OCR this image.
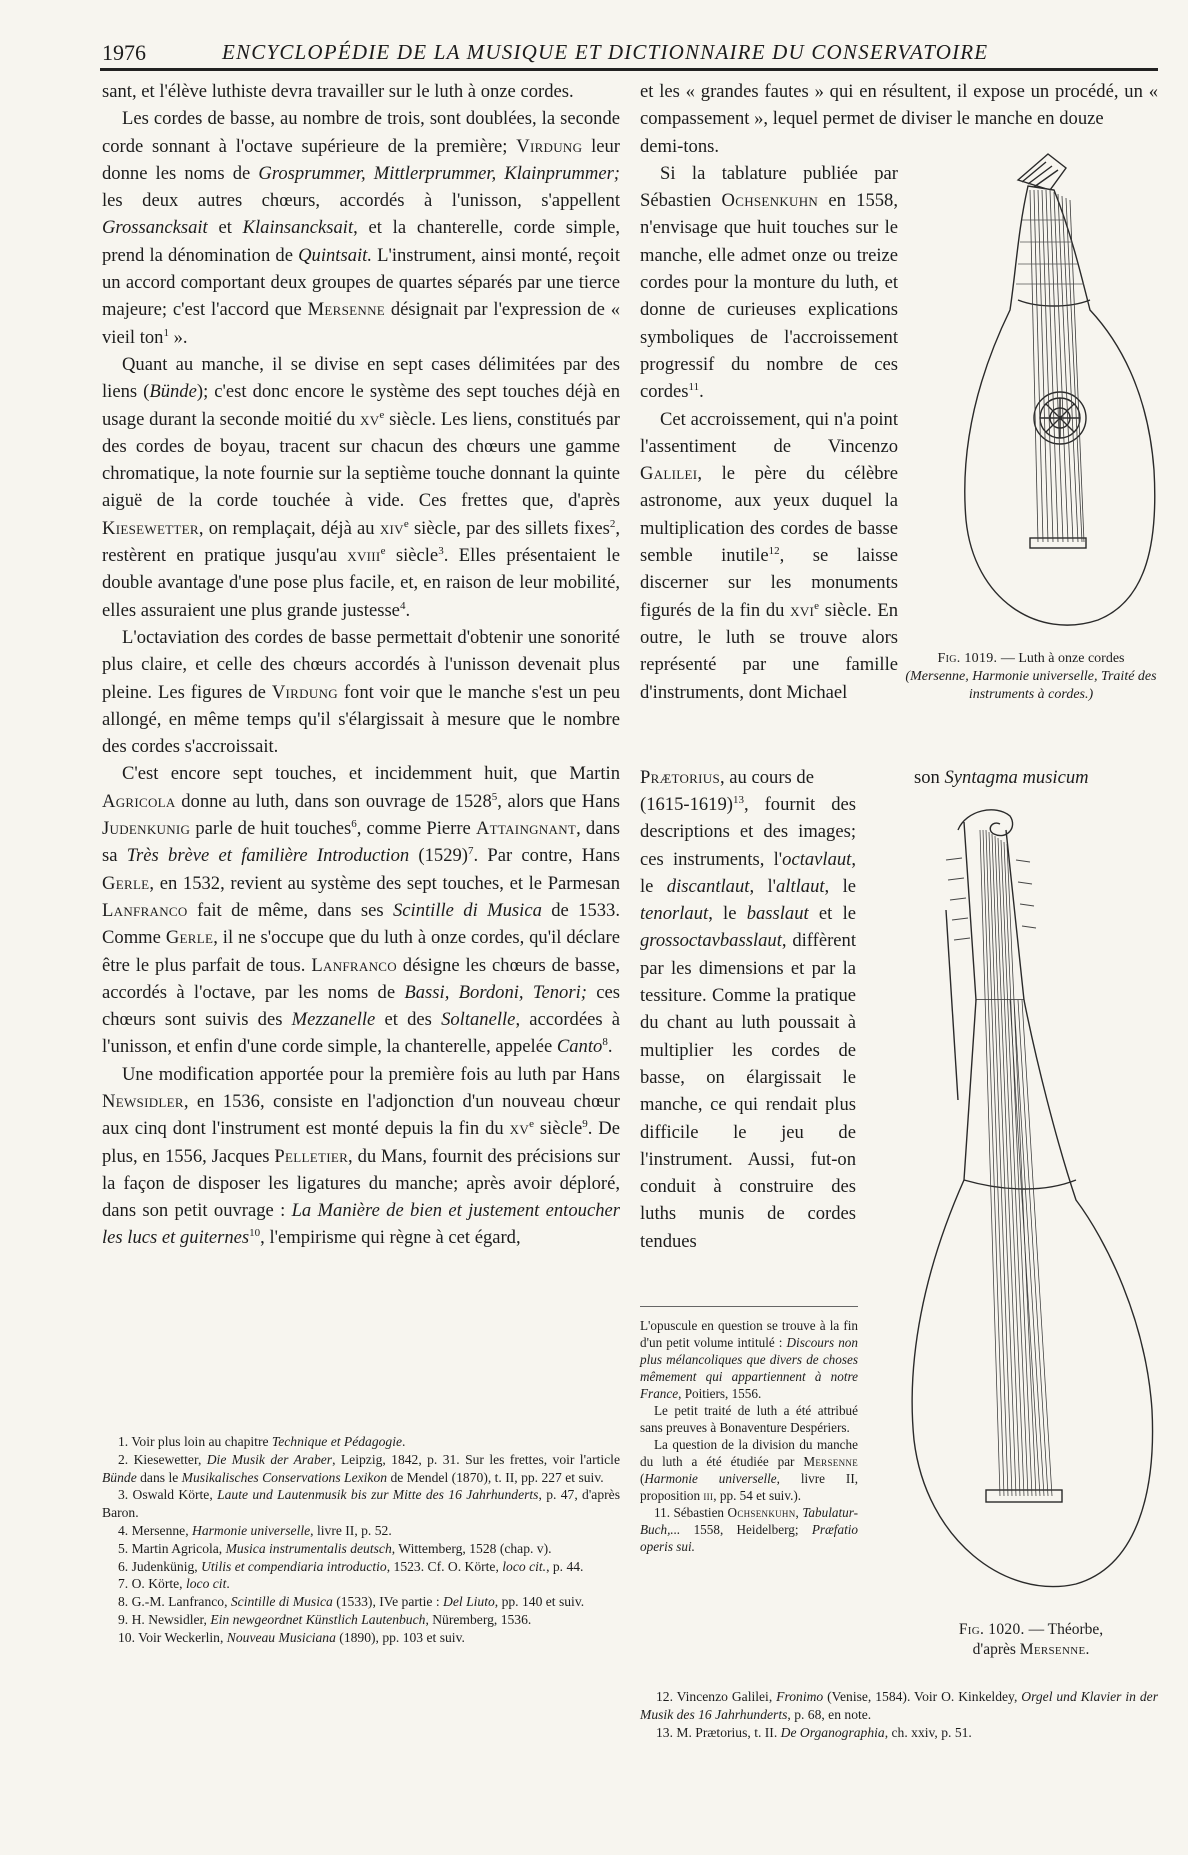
1976	ENCYCLOPÉDIE DE LA MUSIQUE ET DICTIONNAIRE DU CONSERVATOIRE

sant, et l'élève luthiste devra travailler sur le luth à onze cordes.

Les cordes de basse, au nombre de trois, sont doublées, la seconde corde sonnant à l'octave supérieure de la première; Virdung leur donne les noms de Grosprummer, Mittlerprummer, Klainprummer; les deux autres chœurs, accordés à l'unisson, s'appellent Grossancksait et Klainsancksait, et la chanterelle, corde simple, prend la dénomination de Quintsait. L'instrument, ainsi monté, reçoit un accord comportant deux groupes de quartes séparés par une tierce majeure; c'est l'accord que Mersenne désignait par l'expression de « vieil ton$^1$ ».

Quant au manche, il se divise en sept cases délimitées par des liens (Bünde); c'est donc encore le système des sept touches déjà en usage durant la seconde moitié du $xv^e$ siècle. Les liens, constitués par des cordes de boyau, tracent sur chacun des chœurs une gamme chromatique, la note fournie sur la septième touche donnant la quinte aiguë de la corde touchée à vide. Ces frettes que, d'après Kiesewetter, on remplaçait, déjà au xiv$^e$ siècle, par des sillets fixes$^2$, restèrent en pratique jusqu'au xviii$^e$ siècle$^3$. Elles présentaient le double avantage d'une pose plus facile, et, en raison de leur mobilité, elles assuraient une plus grande justesse$^4$.

L'octaviation des cordes de basse permettait d'obtenir une sonorité plus claire, et celle des chœurs accordés à l'unisson devenait plus pleine. Les figures de Virdung font voir que le manche s'est un peu allongé, en même temps qu'il s'élargissait à mesure que le nombre des cordes s'accroissait.

C'est encore sept touches, et incidemment huit, que Martin Agricola donne au luth, dans son ouvrage de 1528$^5$, alors que Hans Judenkunig parle de huit touches$^6$, comme Pierre Attaingnant, dans sa Très brève et familière Introduction $(1529)^7$. Par contre, Hans Gerle, en 1532, revient au système des sept touches, et le Parmesan Lanfranco fait de même, dans ses Scintille di Musica de 1533. Comme Gerle, il ne s'occupe que du luth à onze cordes, qu'il déclare être le plus parfait de tous. Lanfranco désigne les chœurs de basse, accordés à l'octave, par les noms de Bassi, Bordoni, Tenori; ces chœurs sont suivis des Mezzanelle et des Soltanelle, accordées à l'unisson, et enfin d'une corde simple, la chanterelle, appelée Canto$^8$.

Une modification apportée pour la première fois au luth par Hans Newsidler, en 1536, consiste en l'adjonction d'un nouveau chœur aux cinq dont l'instrument est monté depuis la fin du $xv^e$ siècle$^9$. De plus, en 1556, Jacques Pelletier, du Mans, fournit des précisions sur la façon de disposer les ligatures du manche; après avoir déploré, dans son petit ouvrage : La Manière de bien et justement entoucher les lucs et guiternes$^{10}$, l'empirisme qui règne à cet égard,

et les « grandes fautes » qui en résultent, il expose un procédé, un « compassement », lequel permet de diviser le manche en douze

demi-tons.

Si la tablature publiée par Sébastien Ochsenkuhn en 1558, n'envisage que huit touches sur le manche, elle admet onze ou treize cordes pour la monture du luth, et donne de curieuses explications symboliques de l'accroissement progressif du nombre de ces cordes$^{11}$.

Cet accroissement, qui n'a point l'assentiment de Vincenzo Galilei, le père du célèbre astronome, aux yeux duquel la multiplication des cordes de basse semble inutile$^{12}$, se laisse discerner sur les monuments figurés de la fin du xvi$^e$ siècle. En outre, le luth se trouve alors représenté par une famille d'instruments, dont Michael

Prætorius, au cours de	son Syntagma musicum

(1615-1619)$^{13}$, fournit des descriptions et des images; ces instruments, l'octavlaut, le discantlaut, l'altlaut, le tenorlaut, le basslaut et le grossoctavbasslaut, diffèrent par les dimensions et par la tessiture. Comme la pratique du chant au luth poussait à multiplier les cordes de basse, on élargissait le manche, ce qui rendait plus difficile le jeu de l'instrument. Aussi, fut-on conduit à construire des luths munis de cordes tendues

Fig. 1019. — Luth à onze cordes
(Mersenne, Harmonie universelle, Traité des instruments à cordes.)
Fig. 1020. — Théorbe,
d'après Mersenne.
L'opuscule en question se trouve à la fin d'un petit volume intitulé : Discours non plus mélancoliques que divers de choses mêmement qui appartiennent à notre France, Poitiers, 1556.
Le petit traité de luth a été attribué sans preuves à Bonaventure Despériers.
La question de la division du manche du luth a été étudiée par Mersenne (Harmonie universelle, livre II, proposition iii, pp. 54 et suiv.).
11. Sébastien Ochsenkuhn, Tabulatur-Buch,... 1558, Heidelberg; Præfatio operis sui.
1. Voir plus loin au chapitre Technique et Pédagogie.
2. Kiesewetter, Die Musik der Araber, Leipzig, 1842, p. 31. Sur les frettes, voir l'article Bünde dans le Musikalisches Conservations Lexikon de Mendel (1870), t. II, pp. 227 et suiv.
3. Oswald Körte, Laute und Lautenmusik bis zur Mitte des 16 Jahrhunderts, p. 47, d'après Baron.
4. Mersenne, Harmonie universelle, livre II, p. 52.
5. Martin Agricola, Musica instrumentalis deutsch, Wittemberg, 1528 (chap. v).
6. Judenkünig, Utilis et compendiaria introductio, 1523. Cf. O. Körte, loco cit., p. 44.
7. O. Körte, loco cit.
8. G.-M. Lanfranco, Scintille di Musica (1533), IVe partie : Del Liuto, pp. 140 et suiv.
9. H. Newsidler, Ein newgeordnet Künstlich Lautenbuch, Nüremberg, 1536.
10. Voir Weckerlin, Nouveau Musiciana (1890), pp. 103 et suiv.
12. Vincenzo Galilei, Fronimo (Venise, 1584). Voir O. Kinkeldey, Orgel und Klavier in der Musik des 16 Jahrhunderts, p. 68, en note.
13. M. Prætorius, t. II. De Organographia, ch. xxiv, p. 51.
